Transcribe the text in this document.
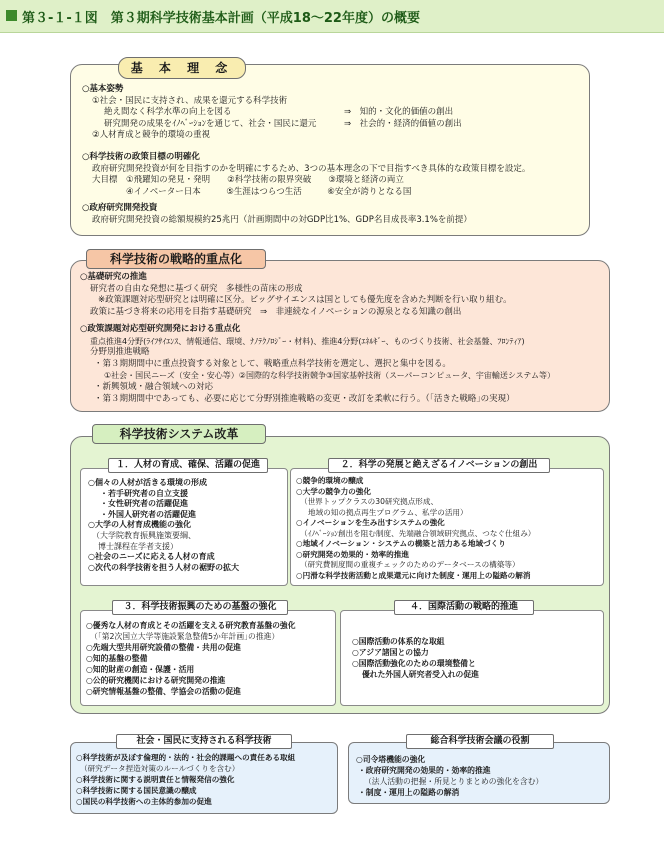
第３-１-１図　第３期科学技術基本計画（平成18～22年度）の概要
基 本 理 念
○基本姿勢
①社会・国民に支持され、成果を還元する科学技術
絶え間なく科学水準の向上を図る
研究開発の成果をｲﾉﾍﾞｰｼｮﾝを通じて、社会・国民に還元
②人材育成と競争的環境の重視
⇒　知的・文化的価値の創出
⇒　社会的・経済的価値の創出
○科学技術の政策目標の明確化
政府研究開発投資が何を目指すのかを明確にするため、3つの基本理念の下で目指すべき具体的な政策目標を設定。
大目標　①飛躍知の発見・発明　　②科学技術の限界突破　　③環境と経済の両立
　　　　④イノベーター日本　　　⑤生涯はつらつ生活　　　⑥安全が誇りとなる国
○政府研究開発投資
政府研究開発投資の総額規模約25兆円（計画期間中の対GDP比1%、GDP名目成長率3.1%を前提）
科学技術の戦略的重点化
○基礎研究の推進
研究者の自由な発想に基づく研究　多様性の苗床の形成
※政策課題対応型研究とは明確に区分。ビッグサイエンスは国としても優先度を含めた判断を行い取り組む。
政策に基づき将来の応用を目指す基礎研究　⇒　非連続なイノベーションの源泉となる知識の創出
○政策課題対応型研究開発における重点化
重点推進4分野(ﾗｲﾌｻｲｴﾝｽ、情報通信、環境、ﾅﾉﾃｸﾉﾛｼﾞｰ・材料)、推進4分野(ｴﾈﾙｷﾞｰ、ものづくり技術、社会基盤、ﾌﾛﾝﾃｨｱ)
分野別推進戦略
・第３期期間中に重点投資する対象として、戦略重点科学技術を選定し、選択と集中を図る。
①社会・国民ニーズ（安全・安心等）②国際的な科学技術競争③国家基幹技術（スーパーコンピュータ、宇宙輸送システム等）
・新興領域・融合領域への対応
・第３期期間中であっても、必要に応じて分野別推進戦略の変更・改訂を柔軟に行う。（｢活きた戦略｣の実現）
科学技術システム改革
１．人材の育成、確保、活躍の促進
○個々の人材が活きる環境の形成
・若手研究者の自立支援
・女性研究者の活躍促進
・外国人研究者の活躍促進
○大学の人材育成機能の強化
（大学院教育振興施策要綱、
博士課程在学者支援）
○社会のニーズに応える人材の育成
○次代の科学技術を担う人材の裾野の拡大
２．科学の発展と絶えざるイノベーションの創出
○競争的環境の醸成
○大学の競争力の強化
（世界トップクラスの30研究拠点形成、
地域の知の拠点再生プログラム、私学の活用）
○イノベーションを生み出すシステムの強化
（ｲﾉﾍﾞｰｼｮﾝ創出を阻む制度、先端融合領域研究拠点、つなぐ仕組み）
○地域イノベーション・システムの構築と活力ある地域づくり
○研究開発の効果的・効率的推進
（研究費制度間の重複チェックのためのデータベースの構築等）
○円滑な科学技術活動と成果還元に向けた制度・運用上の隘路の解消
３．科学技術振興のための基盤の強化
○優秀な人材の育成とその活躍を支える研究教育基盤の強化
（｢第2次国立大学等施設緊急整備5か年計画｣の推進）
○先端大型共用研究設備の整備・共用の促進
○知的基盤の整備
○知的財産の創造・保護・活用
○公的研究機関における研究開発の推進
○研究情報基盤の整備、学協会の活動の促進
４．国際活動の戦略的推進
○国際活動の体系的な取組
○アジア諸国との協力
○国際活動強化のための環境整備と
優れた外国人研究者受入れの促進
社会・国民に支持される科学技術
○科学技術が及ぼす倫理的・法的・社会的課題への責任ある取組
（研究データ捏造対策のルールづくりを含む）
○科学技術に関する説明責任と情報発信の強化
○科学技術に関する国民意識の醸成
○国民の科学技術への主体的参加の促進
総合科学技術会議の役割
○司令塔機能の強化
・政府研究開発の効果的・効率的推進
（法人活動の把握・所見とりまとめの強化を含む）
・制度・運用上の隘路の解消
